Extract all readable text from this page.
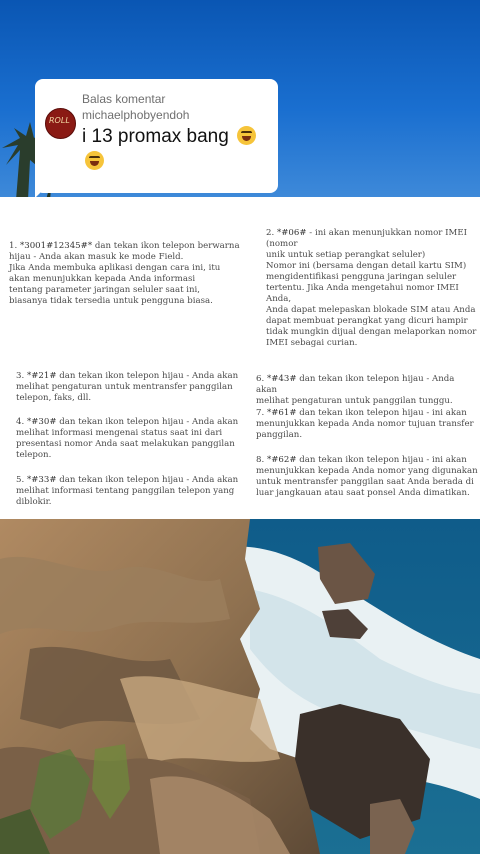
ROLL
Balas komentar
michaelphobyendoh
i 13 promax bang
1. *3001#12345#* dan tekan ikon telepon berwarna
hijau - Anda akan masuk ke mode Field.
Jika Anda membuka aplikasi dengan cara ini, itu
akan menunjukkan kepada Anda informasi
tentang parameter jaringan seluler saat ini,
biasanya tidak tersedia untuk pengguna biasa.
2. *#06# - ini akan menunjukkan nomor IMEI (nomor
unik untuk setiap perangkat seluler)
Nomor ini (bersama dengan detail kartu SIM)
mengidentifikasi pengguna jaringan seluler
tertentu. Jika Anda mengetahui nomor IMEI Anda,
Anda dapat melepaskan blokade SIM atau Anda
dapat membuat perangkat yang dicuri hampir
tidak mungkin dijual dengan melaporkan nomor
IMEI sebagai curian.
3. *#21# dan tekan ikon telepon hijau - Anda akan
melihat pengaturan untuk mentransfer panggilan
telepon, faks, dll.
4. *#30# dan tekan ikon telepon hijau - Anda akan
melihat informasi mengenai status saat ini dari
presentasi nomor Anda saat melakukan panggilan
telepon.
5. *#33# dan tekan ikon telepon hijau - Anda akan
melihat informasi tentang panggilan telepon yang
diblokir.
6. *#43# dan tekan ikon telepon hijau - Anda akan
melihat pengaturan untuk panggilan tunggu.
7. *#61# dan tekan ikon telepon hijau - ini akan
menunjukkan kepada Anda nomor tujuan transfer
panggilan.
8. *#62# dan tekan ikon telepon hijau - ini akan
menunjukkan kepada Anda nomor yang digunakan
untuk mentransfer panggilan saat Anda berada di
luar jangkauan atau saat ponsel Anda dimatikan.
